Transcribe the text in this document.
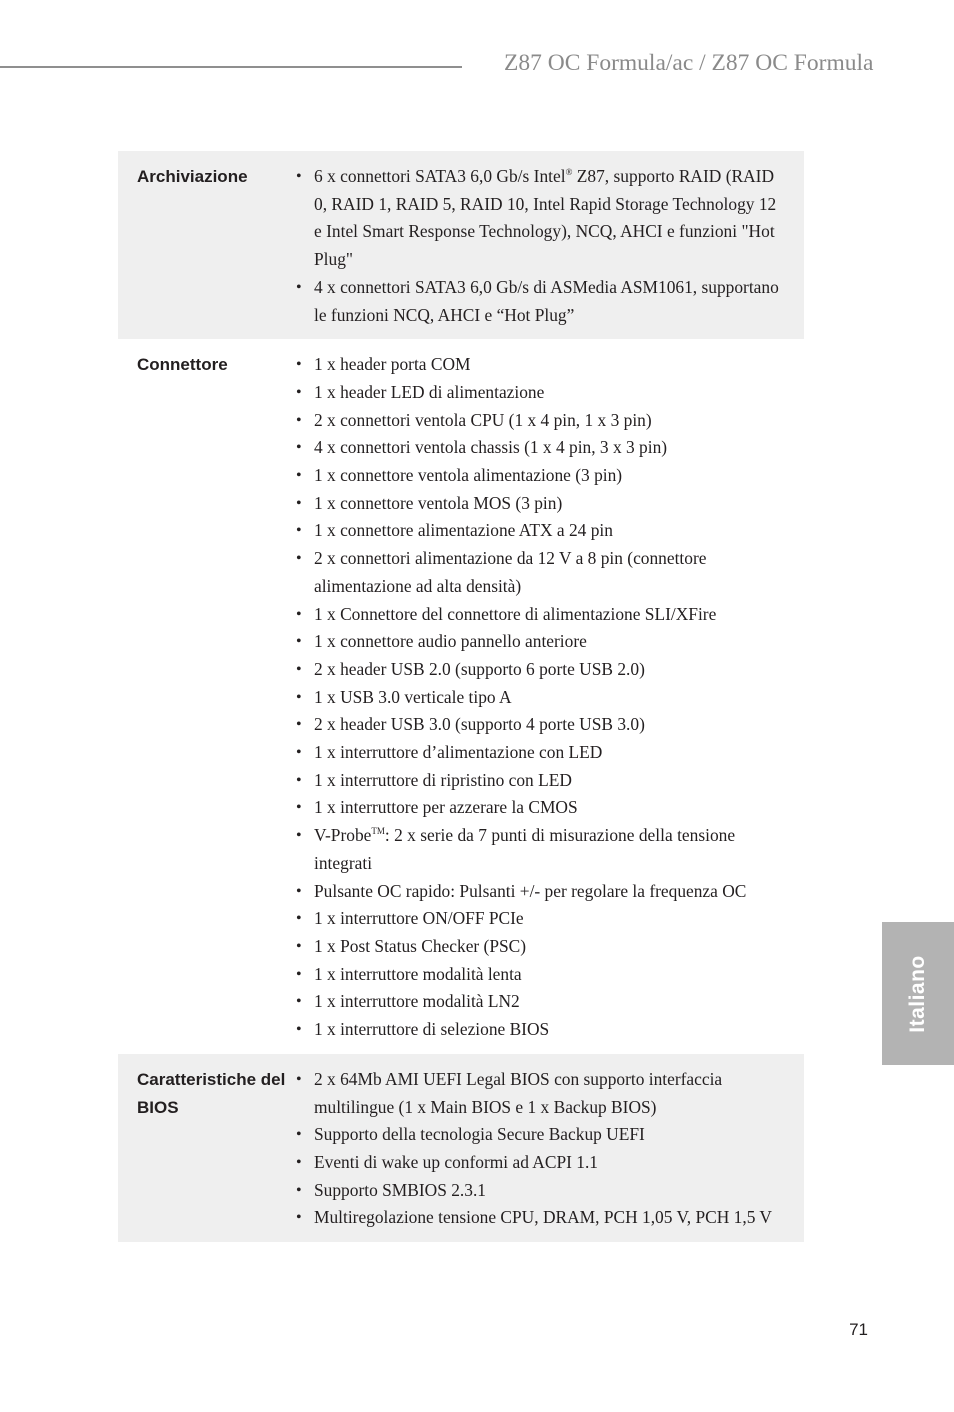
Z87 OC Formula/ac / Z87 OC Formula
Archiviazione	• 6 x connettori SATA3 6,0 Gb/s Intel® Z87, supporto RAID (RAID 0, RAID 1, RAID 5, RAID 10, Intel Rapid Storage Technology 12 e Intel Smart Response Technology), NCQ, AHCI e funzioni "Hot Plug"
• 4 x connettori SATA3 6,0 Gb/s di ASMedia ASM1061, supportano le funzioni NCQ, AHCI e “Hot Plug”
Connettore	• 1 x header porta COM
• 1 x header LED di alimentazione
• 2 x connettori ventola CPU (1 x 4 pin, 1 x 3 pin)
• 4 x connettori ventola chassis (1 x 4 pin, 3 x 3 pin)
• 1 x connettore ventola alimentazione (3 pin)
• 1 x connettore ventola MOS (3 pin)
• 1 x connettore alimentazione ATX a 24 pin
• 2 x connettori alimentazione da 12 V a 8 pin (connettore alimentazione ad alta densità)
• 1 x Connettore del connettore di alimentazione SLI/XFire
• 1 x connettore audio pannello anteriore
• 2 x header USB 2.0 (supporto 6 porte USB 2.0)
• 1 x USB 3.0 verticale tipo A
• 2 x header USB 3.0 (supporto 4 porte USB 3.0)
• 1 x interruttore d’alimentazione con LED
• 1 x interruttore di ripristino con LED
• 1 x interruttore per azzerare la CMOS
• V-Probe™: 2 x serie da 7 punti di misurazione della tensione integrati
• Pulsante OC rapido: Pulsanti +/- per regolare la frequenza OC
• 1 x interruttore ON/OFF PCIe
• 1 x Post Status Checker (PSC)
• 1 x interruttore modalità lenta
• 1 x interruttore modalità LN2
• 1 x interruttore di selezione BIOS
Caratteristiche del BIOS
• 2 x 64Mb AMI UEFI Legal BIOS con supporto interfaccia multilingue (1 x Main BIOS e 1 x Backup BIOS)
• Supporto della tecnologia Secure Backup UEFI
• Eventi di wake up conformi ad ACPI 1.1
• Supporto SMBIOS 2.3.1
• Multiregolazione tensione CPU, DRAM, PCH 1,05 V, PCH 1,5 V
Italiano
71
